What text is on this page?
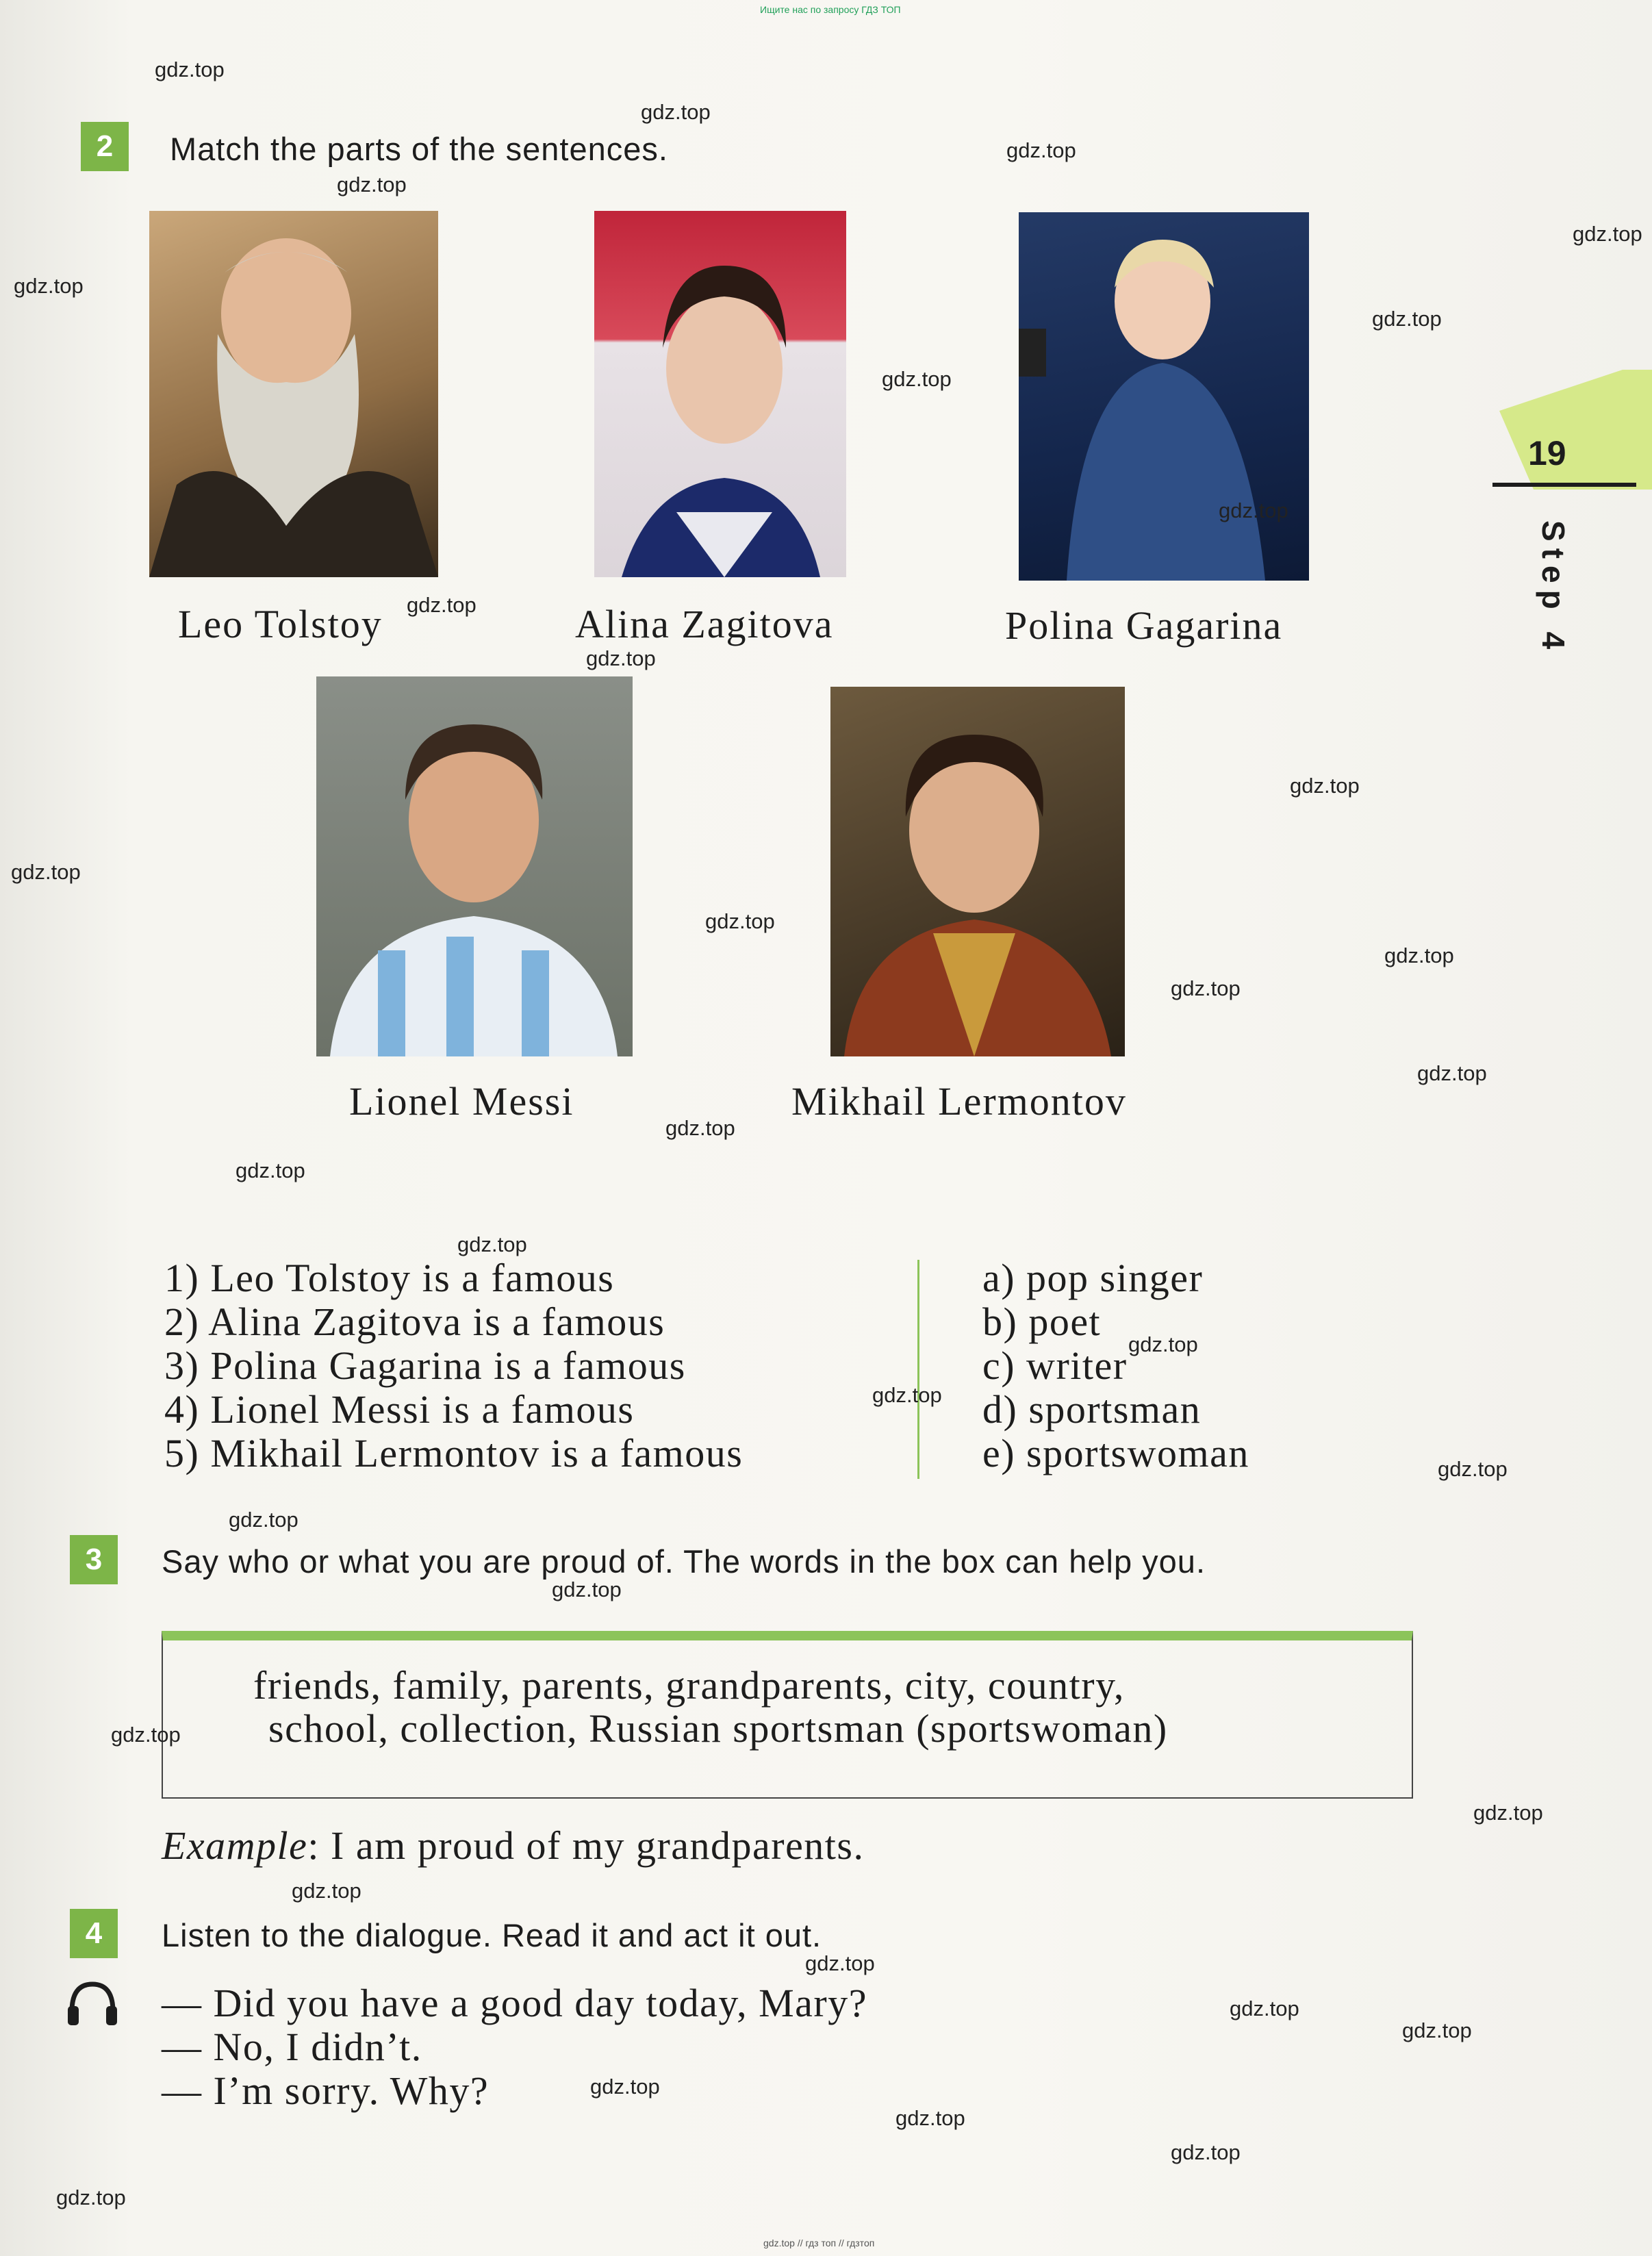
Ищите нас по запросу ГДЗ ТОП
gdz.top // гдз топ // гдзтоп
19
Step 4
2	Match the parts of the sentences.
Leo Tolstoy	Alina Zagitova	Polina Gagarina
Lionel Messi	Mikhail Lermontov
1) Leo Tolstoy is a famous
2) Alina Zagitova is a famous
3) Polina Gagarina is a famous
4) Lionel Messi is a famous
5) Mikhail Lermontov is a famous
a) pop singer
b) poet
c) writer
d) sportsman
e) sportswoman
3	Say who or what you are proud of. The words in the box can help you.
friends, family, parents, grandparents, city, country,
school, collection, Russian sportsman (sportswoman)
Example: I am proud of my grandparents.
4	Listen to the dialogue. Read it and act it out.
— Did you have a good day today, Mary?
— No, I didn’t.
— I’m sorry. Why?
gdz.top
gdz.top
gdz.top
gdz.top
gdz.top
gdz.top
gdz.top
gdz.top
gdz.top
gdz.top
gdz.top
gdz.top
gdz.top
gdz.top
gdz.top
gdz.top
gdz.top
gdz.top
gdz.top
gdz.top
gdz.top
gdz.top
gdz.top
gdz.top
gdz.top
gdz.top
gdz.top
gdz.top
gdz.top
gdz.top
gdz.top
gdz.top
gdz.top
gdz.top
gdz.top
